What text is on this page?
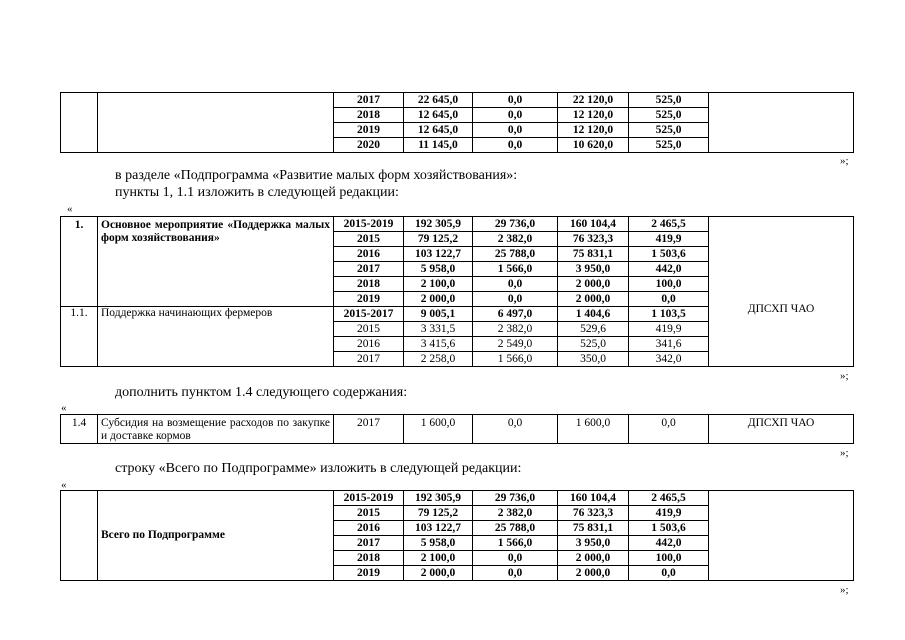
		2017	22 645,0	0,0	22 120,0	525,0	
		2018	12 645,0	0,0	12 120,0	525,0	
		2019	12 645,0	0,0	12 120,0	525,0	
		2020	11 145,0	0,0	10 620,0	525,0	
»;
в разделе «Подпрограмма «Развитие малых форм хозяйствования»:
пункты 1, 1.1 изложить в следующей редакции:
«
1.	Основное мероприятие «Поддержка малых форм хозяйствования»	2015-2019	192 305,9	29 736,0	160 104,4	2 465,5	ДПСХП ЧАО
		2015	79 125,2	2 382,0	76 323,3	419,9	
		2016	103 122,7	25 788,0	75 831,1	1 503,6	
		2017	5 958,0	1 566,0	3 950,0	442,0	
		2018	2 100,0	0,0	2 000,0	100,0	
		2019	2 000,0	0,0	2 000,0	0,0	
1.1.	Поддержка начинающих фермеров	2015-2017	9 005,1	6 497,0	1 404,6	1 103,5	
		2015	3 331,5	2 382,0	529,6	419,9	
		2016	3 415,6	2 549,0	525,0	341,6	
		2017	2 258,0	1 566,0	350,0	342,0	
»;
дополнить пунктом 1.4 следующего содержания:
«
1.4	Субсидия на возмещение расходов по закупке и доставке кормов	2017	1 600,0	0,0	1 600,0	0,0	ДПСХП ЧАО
»;
строку «Всего по Подпрограмме» изложить в следующей редакции:
«
	Всего по Подпрограмме	2015-2019	192 305,9	29 736,0	160 104,4	2 465,5	
		2015	79 125,2	2 382,0	76 323,3	419,9	
		2016	103 122,7	25 788,0	75 831,1	1 503,6	
		2017	5 958,0	1 566,0	3 950,0	442,0	
		2018	2 100,0	0,0	2 000,0	100,0	
		2019	2 000,0	0,0	2 000,0	0,0	
»;
